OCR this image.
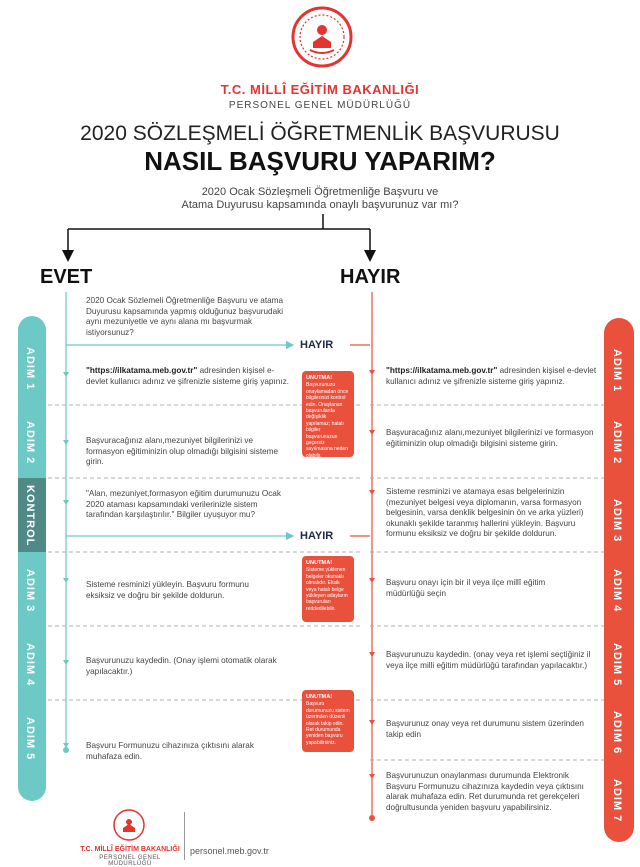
T.C. MİLLÎ EĞİTİM BAKANLIĞI
PERSONEL GENEL MÜDÜRLÜĞÜ
2020 SÖZLEŞMELİ ÖĞRETMENLİK BAŞVURUSU
NASIL BAŞVURU YAPARIM?
2020 Ocak Sözleşmeli Öğretmenliğe Başvuru ve
Atama Duyurusu kapsamında onaylı başvurunuz var mı?
EVET	HAYIR
ADIM 1
ADIM 2
KONTROL
ADIM 3
ADIM 4
ADIM 5
ADIM 1
ADIM 2
ADIM 3
ADIM 4
ADIM 5
ADIM 6
ADIM 7
2020 Ocak Sözlemeli Öğretmenliğe Başvuru ve atama Duyurusu kapsamında yapmış olduğunuz başvurudaki aynı mezuniyetle ve aynı alana mı başvurmak istiyorsunuz?
"https://ilkatama.meb.gov.tr" adresinden kişisel e-devlet kullanıcı adınız ve şifrenizle sisteme giriş yapınız.
Başvuracağınız alanı,mezuniyet bilgilerinizi ve formasyon eğitiminizin olup olmadığı bilgisini sisteme girin.
"Alan, mezuniyet,formasyon eğitim durumunuzu Ocak 2020 ataması kapsamındaki verilerinizle sistem tarafından karşılaştırılır." Bilgiler uyuşuyor mu?
Sisteme resminizi yükleyin. Başvuru formunu eksiksiz ve doğru bir şekilde doldurun.
Başvurunuzu kaydedin. (Onay işlemi otomatik olarak yapılacaktır.)
Başvuru Formunuzu cihazınıza çıktısını alarak muhafaza edin.
HAYIR
HAYIR
UNUTMA!
Başvurunuzu onaylamadan önce bilgilerinizi kontrol edin. Onaylanan başvurularda değişiklik yapılamaz; hatalı bilgiler başvurunuzun geçersiz sayılmasına neden olabilir.
UNUTMA!
Sisteme yüklenen belgeler okunaklı olmalıdır. Eksik veya hatalı belge yükleyen adayların başvuruları reddedilebilir.
UNUTMA!
Başvuru durumunuzu sistem üzerinden düzenli olarak takip edin. Ret durumunda yeniden başvuru yapabilirsiniz.
"https://ilkatama.meb.gov.tr" adresinden kişisel e-devlet kullanıcı adınız ve şifrenizle sisteme giriş yapınız.
Başvuracağınız alanı,mezuniyet bilgilerinizi ve formasyon eğitiminizin olup olmadığı bilgisini sisteme girin.
Sisteme resminizi ve atamaya esas belgelerinizin (mezuniyet belgesi veya diplomanın, varsa formasyon belgesinin, varsa denklik belgesinin ön ve arka yüzleri) okunaklı şekilde taranmış hallerini yükleyin. Başvuru formunu eksiksiz ve doğru bir şekilde doldurun.
Başvuru onayı için bir il veya ilçe millî eğitim müdürlüğü seçin
Başvurunuzu kaydedin. (onay veya ret işlemi seçtiğiniz il veya ilçe milli eğitim müdürlüğü tarafından yapılacaktır.)
Başvurunuz onay veya ret durumunu sistem üzerinden takip edin
Başvurunuzun onaylanması durumunda Elektronik Başvuru Formunuzu cihazınıza kaydedin veya çıktısını alarak muhafaza edin. Ret durumunda ret gerekçeleri doğrultusunda yeniden başvuru yapabilirsiniz.
T.C. MİLLÎ EĞİTİM BAKANLIĞI
PERSONEL GENEL MÜDÜRLÜĞÜ
personel.meb.gov.tr
